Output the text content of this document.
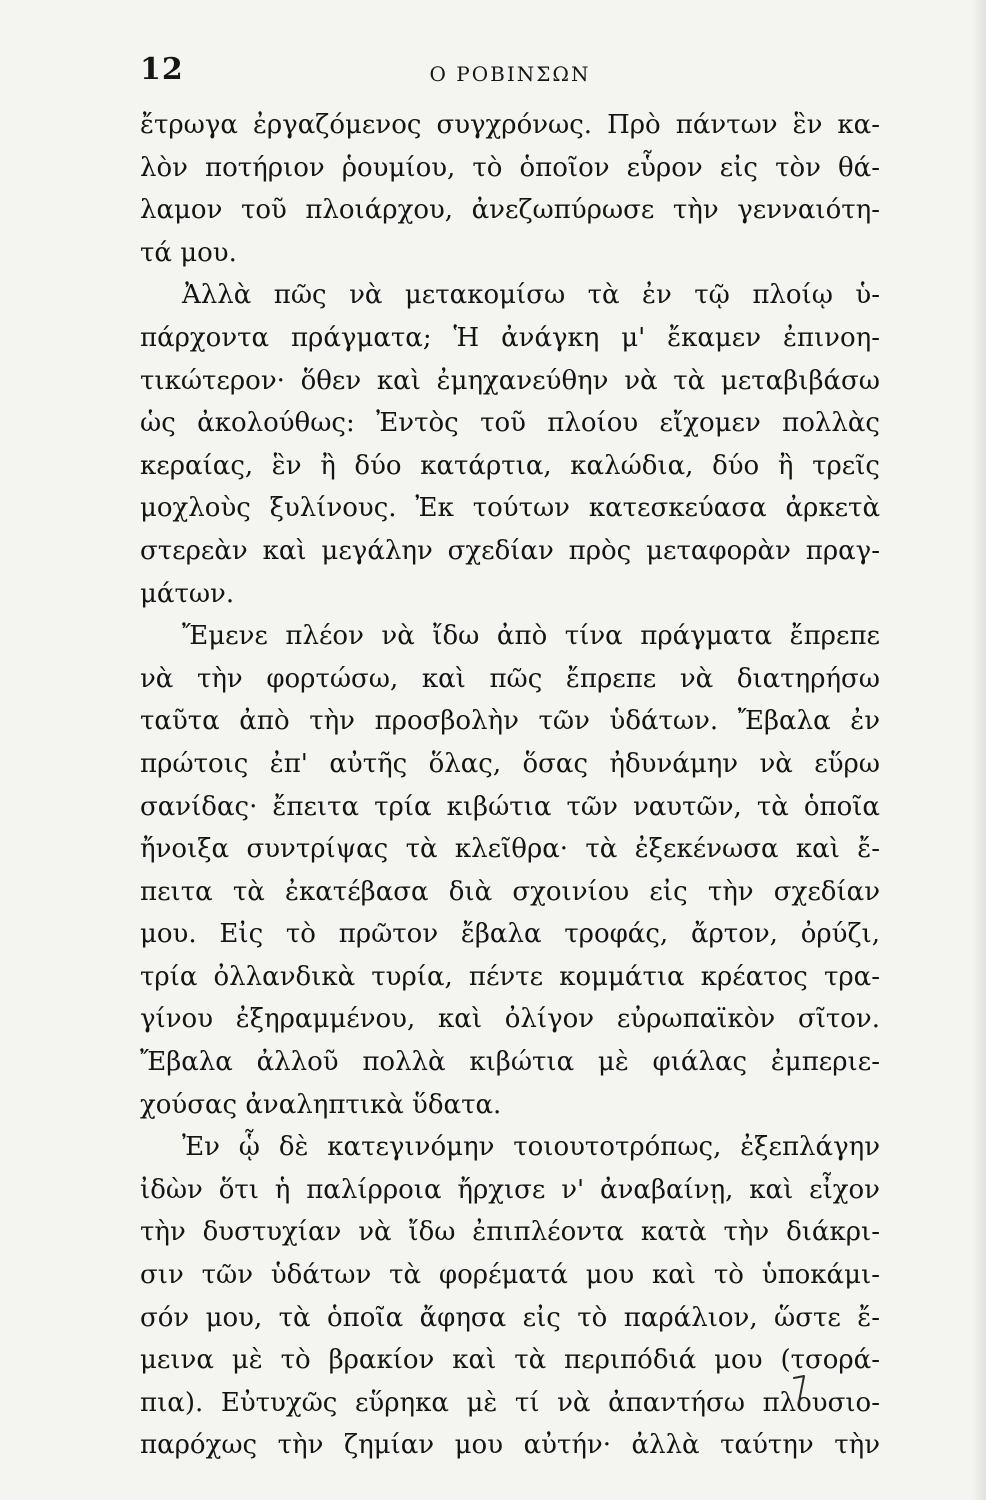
12	Ο ΡΟΒΙΝΣΩΝ
ἔτρωγα ἐργαζόμενος συγχρόνως. Πρὸ πάντων ἓν κα-
λὸν ποτήριον ῥουμίου, τὸ ὁποῖον εὗρον εἰς τὸν θά-
λαμον τοῦ πλοιάρχου, ἀνεζωπύρωσε τὴν γενναιότη-
τά μου.
Ἀλλὰ πῶς νὰ μετακομίσω τὰ ἐν τῷ πλοίῳ ὑ-
πάρχοντα πράγματα; Ἡ ἀνάγκη μ' ἔκαμεν ἐπινοη-
τικώτερον· ὅθεν καὶ ἐμηχανεύθην νὰ τὰ μεταβιβάσω
ὡς ἀκολούθως: Ἐντὸς τοῦ πλοίου εἴχομεν πολλὰς
κεραίας, ἓν ἢ δύο κατάρτια, καλώδια, δύο ἢ τρεῖς
μοχλοὺς ξυλίνους. Ἐκ τούτων κατεσκεύασα ἀρκετὰ
στερεὰν καὶ μεγάλην σχεδίαν πρὸς μεταφορὰν πραγ-
μάτων.
Ἔμενε πλέον νὰ ἴδω ἀπὸ τίνα πράγματα ἔπρεπε
νὰ τὴν φορτώσω, καὶ πῶς ἔπρεπε νὰ διατηρήσω
ταῦτα ἀπὸ τὴν προσβολὴν τῶν ὑδάτων. Ἔβαλα ἐν
πρώτοις ἐπ' αὐτῆς ὅλας, ὅσας ἠδυνάμην νὰ εὕρω
σανίδας· ἔπειτα τρία κιβώτια τῶν ναυτῶν, τὰ ὁποῖα
ἤνοιξα συντρίψας τὰ κλεῖθρα· τὰ ἐξεκένωσα καὶ ἔ-
πειτα τὰ ἐκατέβασα διὰ σχοινίου εἰς τὴν σχεδίαν
μου. Εἰς τὸ πρῶτον ἔβαλα τροφάς, ἄρτον, ὀρύζι,
τρία ὀλλανδικὰ τυρία, πέντε κομμάτια κρέατος τρα-
γίνου ἐξηραμμένου, καὶ ὀλίγον εὐρωπαϊκὸν σῖτον.
Ἔβαλα ἀλλοῦ πολλὰ κιβώτια μὲ φιάλας ἐμπεριε-
χούσας ἀναληπτικὰ ὕδατα.
Ἐν ᾧ δὲ κατεγινόμην τοιουτοτρόπως, ἐξεπλάγην
ἰδὼν ὅτι ἡ παλίρροια ἤρχισε ν' ἀναβαίνῃ, καὶ εἶχον
τὴν δυστυχίαν νὰ ἴδω ἐπιπλέοντα κατὰ τὴν διάκρι-
σιν τῶν ὑδάτων τὰ φορέματά μου καὶ τὸ ὑποκάμι-
σόν μου, τὰ ὁποῖα ἄφησα εἰς τὸ παράλιον, ὥστε ἔ-
μεινα μὲ τὸ βρακίον καὶ τὰ περιπόδιά μου (τσορά-
πια). Εὐτυχῶς εὕρηκα μὲ τί νὰ ἀπαντήσω πλουσιο-
παρόχως τὴν ζημίαν μου αὐτήν· ἀλλὰ ταύτην τὴν
